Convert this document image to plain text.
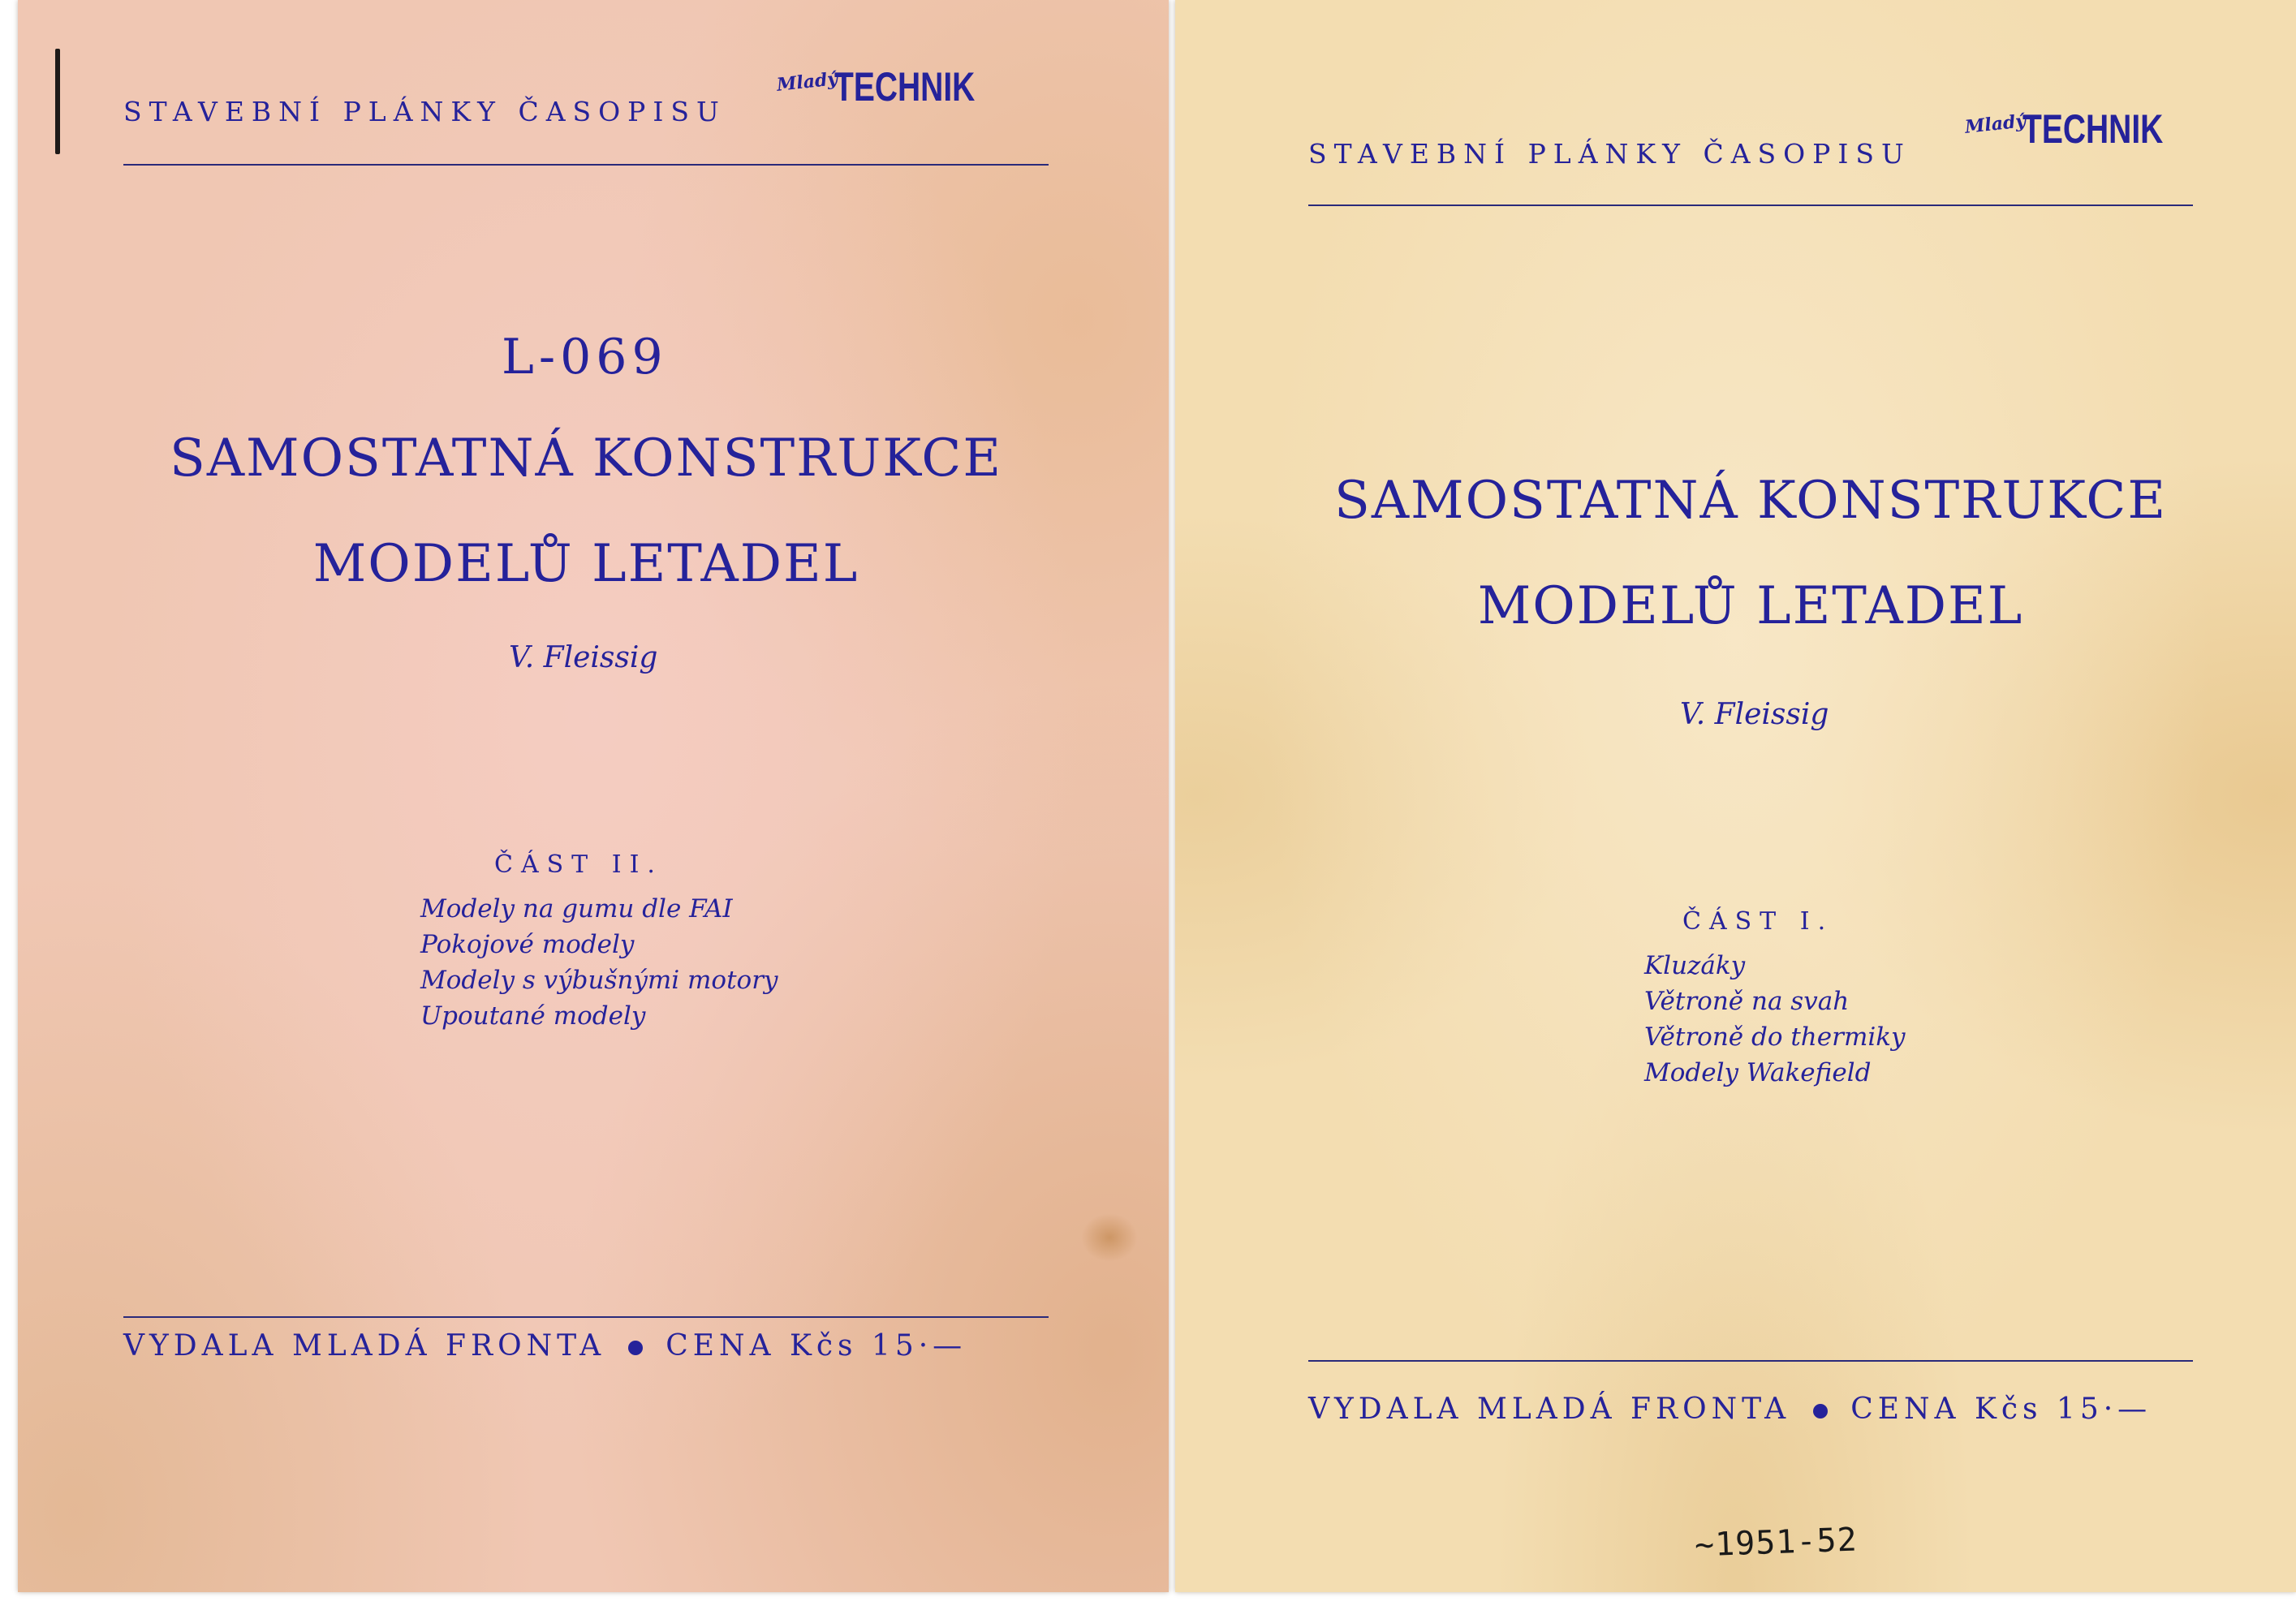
STAVEBNÍ PLÁNKY ČASOPISU
Mladý
TECHNIK
L-069
SAMOSTATNÁ KONSTRUKCE
MODELŮ LETADEL
V. Fleissig
ČÁST II.
Modely na gumu dle FAI
Pokojové modely
Modely s výbušnými motory
Upoutané modely
VYDALA MLADÁ FRONTA CENA Kčs 15·—
STAVEBNÍ PLÁNKY ČASOPISU
Mladý
TECHNIK
SAMOSTATNÁ KONSTRUKCE
MODELŮ LETADEL
V. Fleissig
ČÁST I.
Kluzáky
Větroně na svah
Větroně do thermiky
Modely Wakefield
VYDALA MLADÁ FRONTA CENA Kčs 15·—
~1951-52
